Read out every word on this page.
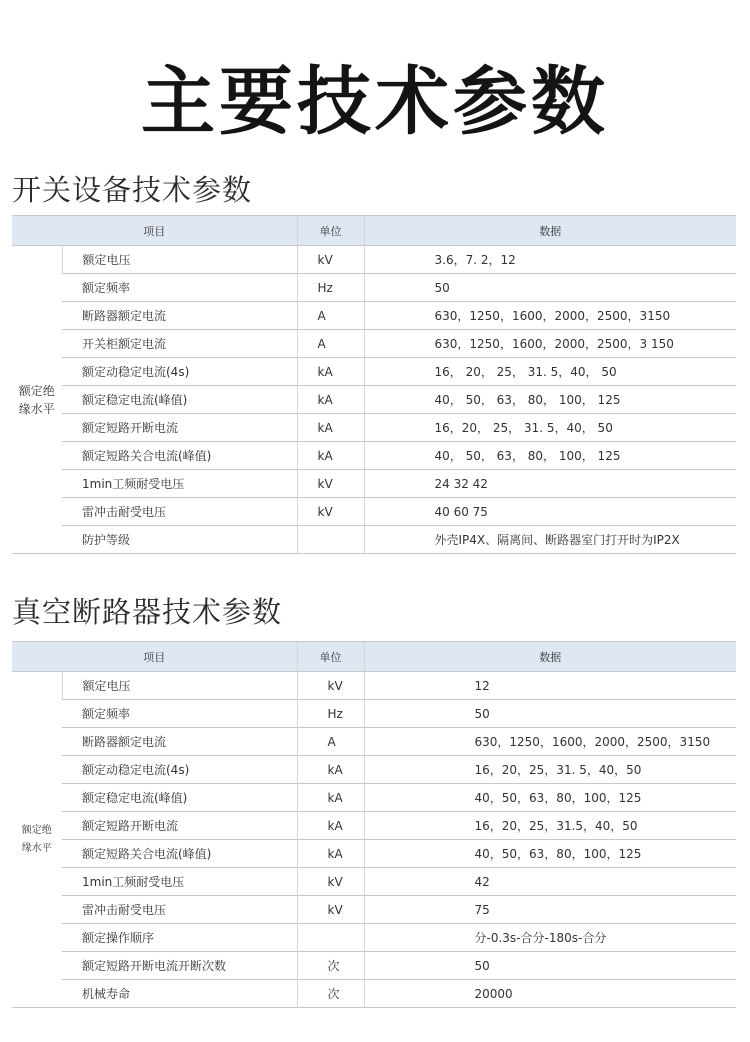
主要技术参数
开关设备技术参数
项目		单位	数据
额定绝缘水平	额定电压	kV	3.6，7. 2，12
	额定频率	Hz	50
	断路器额定电流	A	630，1250，1600，2000，2500，3150
	开关柜额定电流	A	630，1250，1600，2000，2500，3 150
	额定动稳定电流(4s)	kA	16， 20， 25， 31. 5，40， 50
	额定稳定电流(峰值)	kA	40， 50， 63， 80， 100， 125
	额定短路开断电流	kA	16，20， 25， 31. 5，40， 50
	额定短路关合电流(峰值)	kA	40， 50， 63， 80， 100， 125
	1min工频耐受电压	kV	24 32 42
	雷冲击耐受电压	kV	40 60 75
	防护等级		外壳IP4X、隔离间、断路器室门打开时为IP2X
真空断路器技术参数
项目		单位	数据
额定绝缘水平	额定电压	kV	12
	额定频率	Hz	50
	断路器额定电流	A	630，1250，1600，2000，2500，3150
	额定动稳定电流(4s)	kA	16，20，25，31. 5，40，50
	额定稳定电流(峰值)	kA	40，50，63，80，100，125
	额定短路开断电流	kA	16，20，25，31.5，40，50
	额定短路关合电流(峰值)	kA	40，50，63，80，100，125
	1min工频耐受电压	kV	42
	雷冲击耐受电压	kV	75
	额定操作顺序		分-0.3s-合分-180s-合分
	额定短路开断电流开断次数	次	50
	机械寿命	次	20000
